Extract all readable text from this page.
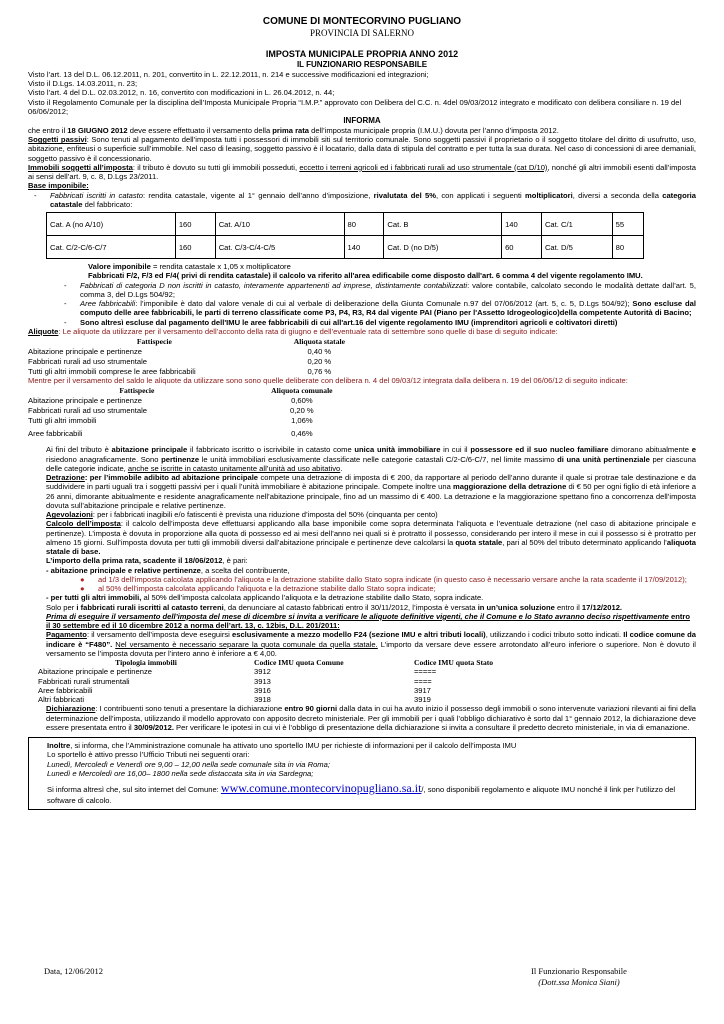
COMUNE DI MONTECORVINO PUGLIANO
PROVINCIA DI SALERNO
IMPOSTA MUNICIPALE PROPRIA ANNO 2012
IL FUNZIONARIO RESPONSABILE

Visto l’art. 13 del D.L. 06.12.2011, n. 201, convertito in L. 22.12.2011, n. 214 e successive modificazioni ed integrazioni;

Visto il D.Lgs. 14.03.2011, n. 23;

Visto l’art. 4 del D.L. 02.03.2012, n. 16, convertito con modificazioni in L. 26.04.2012, n. 44;

Visto il Regolamento Comunale per la disciplina dell’Imposta Municipale Propria “I.M.P.” approvato con Delibera del C.C. n. 4del 09/03/2012 integrato e modificato con delibera consiliare n. 19 del 06/06/2012;

INFORMA

che entro il 18 GIUGNO 2012 deve essere effettuato il versamento della prima rata dell’imposta municipale propria (I.M.U.) dovuta per l’anno d’imposta 2012.

Soggetti passivi: Sono tenuti al pagamento dell’imposta tutti i possessori di immobili siti sul territorio comunale. Sono soggetti passivi il proprietario o il soggetto titolare del diritto di usufrutto, uso, abitazione, enfiteusi o superficie sull’immobile. Nel caso di leasing, soggetto passivo è il locatario, dalla data di stipula del contratto e per tutta la sua durata. Nel caso di concessioni di aree demaniali, soggetto passivo è il concessionario.

Immobili soggetti all’imposta: il tributo è dovuto su tutti gli immobili posseduti, eccetto i terreni agricoli ed i fabbricati rurali ad uso strumentale (cat D/10), nonché gli altri immobili esenti dall’imposta ai sensi dell’art. 9, c. 8, D.Lgs 23/2011.

Base imponibile:

-	Fabbricati iscritti in catasto: rendita catastale, vigente al 1° gennaio dell’anno d’imposizione, rivalutata del 5%, con applicati i seguenti moltiplicatori, diversi a seconda della categoria catastale del fabbricato:
Cat. A (no A/10)	160	Cat. A/10	80	Cat. B	140	Cat. C/1	55
Cat. C/2-C/6-C/7	160	Cat. C/3-C/4-C/5	140	Cat. D (no D/5)	60	Cat. D/5	80
Valore imponibile = rendita catastale x 1,05 x moltiplicatore
Fabbricati F/2, F/3 ed F/4( privi di rendita catastale) il calcolo va riferito all'area edificabile come disposto dall'art. 6 comma 4 del vigente regolamento IMU.
-	Fabbricati di categoria D non iscritti in catasto, interamente appartenenti ad imprese, distintamente contabilizzati: valore contabile, calcolato secondo le modalità dettate dall’art. 5, comma 3, del D.Lgs 504/92;
-	Aree fabbricabili: l’imponibile è dato dal valore venale di cui al verbale di deliberazione della Giunta Comunale n.97 del 07/06/2012 (art. 5, c. 5, D.Lgs 504/92); Sono escluse dal computo delle aree fabbricabili, le parti di terreno classificate come P3, P4, R3, R4 dal vigente PAI (Piano per l'Assetto Idrogeologico)della competente Autorità di Bacino;
-	Sono altresì escluse dal pagamento dell'IMU le aree fabbricabili di cui all'art.16 del vigente regolamento IMU (imprenditori agricoli e coltivatori diretti)

Aliquote: Le aliquote da utilizzare per il versamento dell’acconto della rata di giugno e dell’eventuale rata di settembre sono quelle di base di seguito indicate:

Fattispecie	Aliquota statale
Abitazione principale e pertinenze	0,40 %
Fabbricati rurali ad uso strumentale	0,20 %
Tutti gli altri immobili comprese le aree fabbricabili	0,76 %

Mentre per il versamento del saldo le aliquote da utilizzare sono sono quelle deliberate con delibera n. 4 del 09/03/12 integrata dalla delibera n. 19 del 06/06/12 di seguito indicate:

Fattispecie	Aliquota comunale
Abitazione principale e pertinenze	0,60%
Fabbricati rurali ad uso strumentale	0,20 %
Tutti gli altri immobili	1,06%
Aree fabbricabili	0,46%

Ai fini del tributo è abitazione principale il fabbricato iscritto o iscrivibile in catasto come unica unità immobiliare in cui il possessore ed il suo nucleo familiare dimorano abitualmente e risiedono anagraficamente. Sono pertinenze le unità immobiliari esclusivamente classificate nelle categorie catastali C/2-C/6-C/7, nel limite massimo di una unità pertinenziale per ciascuna delle categorie indicate, anche se iscritte in catasto unitamente all’unità ad uso abitativo.

Detrazione: per l’immobile adibito ad abitazione principale compete una detrazione di imposta di € 200, da rapportare al periodo dell’anno durante il quale si protrae tale destinazione e da suddividere in parti uguali tra i soggetti passivi per i quali l’unità immobiliare è abitazione principale. Compete inoltre una maggiorazione della detrazione di € 50 per ogni figlio di età inferiore a 26 anni, dimorante abitualmente e residente anagraficamente nell’abitazione principale, fino ad un massimo di € 400. La detrazione e la maggiorazione spettano fino a concorrenza dell’imposta dovuta sull’abitazione principale e relative pertinenze.

Agevolazioni: per i fabbricati inagibili e/o fatiscenti è prevista una riduzione d’imposta del 50% (cinquanta per cento)

Calcolo dell’imposta: il calcolo dell’imposta deve effettuarsi applicando alla base imponibile come sopra determinata l’aliquota e l’eventuale detrazione (nel caso di abitazione principale e pertinenze). L’imposta è dovuta in proporzione alla quota di possesso ed ai mesi dell’anno nei quali si è protratto il possesso, considerando per intero il mese in cui il possesso si è protratto per almeno 15 giorni. Sull’imposta dovuta per tutti gli immobili diversi dall’abitazione principale e pertinenze deve calcolarsi la quota statale, pari al 50% del tributo determinato applicando l’aliquota statale di base.

L’importo della prima rata, scadente il 18/06/2012, è pari:

- abitazione principale e relative pertinenze, a scelta del contribuente,

●	ad 1/3 dell’imposta calcolata applicando l’aliquota e la detrazione stabilite dallo Stato sopra indicate (in questo caso è necessario versare anche la rata scadente il 17/09/2012);
●	al 50% dell’imposta calcolata applicando l’aliquota e la detrazione stabilite dallo Stato sopra indicate;

- per tutti gli altri immobili, al 50% dell’imposta calcolata applicando l’aliquota e la detrazione stabilite dallo Stato, sopra indicate.

Solo per i fabbricati rurali iscritti al catasto terreni, da denunciare al catasto fabbricati entro il 30/11/2012, l’imposta è versata in un’unica soluzione entro il 17/12/2012.

Prima di eseguire il versamento dell’imposta del mese di dicembre si invita a verificare le aliquote definitive vigenti, che il Comune e lo Stato avranno deciso rispettivamente entro il 30 settembre ed il 10 dicembre 2012 a norma dell’art. 13, c. 12bis, D.L. 201/2011:

Pagamento: il versamento dell’imposta deve eseguirsi esclusivamente a mezzo modello F24 (sezione IMU e altri tributi locali), utilizzando i codici tributo sotto indicati. Il codice comune da indicare è “F480”. Nel versamento è necessario separare la quota comunale da quella statale. L’importo da versare deve essere arrotondato all’euro inferiore o superiore. Non è dovuto il versamento se l’imposta dovuta per l’intero anno è inferiore a € 4,00.

Tipologia immobili	Codice IMU quota Comune	Codice IMU quota Stato
Abitazione principale e pertinenze	3912	=====
Fabbricati rurali strumentali	3913	====
Aree fabbricabili	3916	3917
Altri fabbricati	3918	3919

Dichiarazione: I contribuenti sono tenuti a presentare la dichiarazione entro 90 giorni dalla data in cui ha avuto inizio il possesso degli immobili o sono intervenute variazioni rilevanti ai fini della determinazione dell’imposta, utilizzando il modello approvato con apposito decreto ministeriale. Per gli immobili per i quali l’obbligo dichiarativo è sorto dal 1° gennaio 2012, la dichiarazione deve essere presentata entro il 30/09/2012. Per verificare le ipotesi in cui vi è l’obbligo di presentazione della dichiarazione si invita a consultare il predetto decreto ministeriale, in via di emanazione.

Inoltre, si informa, che l’Amministrazione comunale ha attivato uno sportello IMU per richieste di informazioni per il calcolo dell’imposta IMU

Lo sportello è attivo presso l’Ufficio Tributi nei seguenti orari:

Lunedì, Mercoledì e Venerdì ore 9,00 – 12,00 nella sede comunale sita in via Roma;

Lunedì e Mercoledì ore 16,00– 1800 nella sede distaccata sita in via Sardegna;

Si informa altresì che, sul sito internet del Comune: www.comune.montecorvinopugliano.sa.it/, sono disponibili regolamento e aliquote IMU nonché il link per l’utilizzo del software di calcolo.

Data, 12/06/2012	Il Funzionario Responsabile
(Dott.ssa Monica Siani)
